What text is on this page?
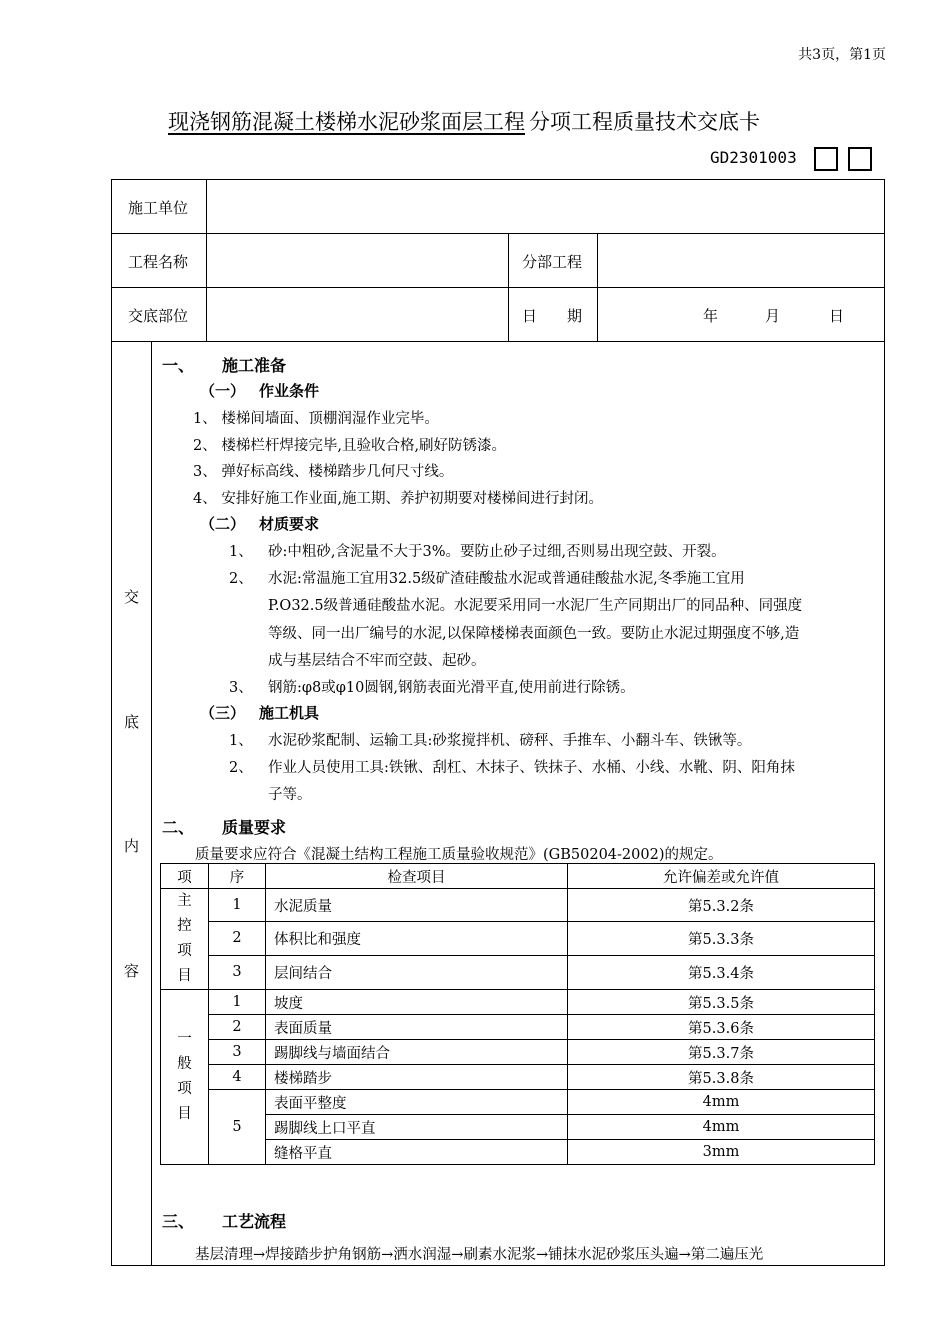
共3页，第1页
现浇钢筋混凝土楼梯水泥砂浆面层工程 分项工程质量技术交底卡
GD2301003
施工单位
工程名称	分部工程
交底部位	日　　期	年	月	日
交
底
内
容
一、 施工准备
（一） 作业条件
1、 楼梯间墙面、顶棚润湿作业完毕。
2、 楼梯栏杆焊接完毕,且验收合格,刷好防锈漆。
3、 弹好标高线、楼梯踏步几何尺寸线。
4、 安排好施工作业面,施工期、养护初期要对楼梯间进行封闭。
（二） 材质要求
1、 砂:中粗砂,含泥量不大于3%。要防止砂子过细,否则易出现空鼓、开裂。
2、 水泥:常温施工宜用32.5级矿渣硅酸盐水泥或普通硅酸盐水泥,冬季施工宜用
P.O32.5级普通硅酸盐水泥。水泥要采用同一水泥厂生产同期出厂的同品种、同强度
等级、同一出厂编号的水泥,以保障楼梯表面颜色一致。要防止水泥过期强度不够,造
成与基层结合不牢而空鼓、起砂。
3、 钢筋:φ8或φ10圆钢,钢筋表面光滑平直,使用前进行除锈。
（三） 施工机具
1、 水泥砂浆配制、运输工具:砂浆搅拌机、磅秤、手推车、小翻斗车、铁锹等。
2、 作业人员使用工具:铁锹、刮杠、木抹子、铁抹子、水桶、小线、水靴、阴、阳角抹
子等。
二、 质量要求
质量要求应符合《混凝土结构工程施工质量验收规范》(GB50204-2002)的规定。
项	序	检查项目	允许偏差或允许值

主
控
项
目	1	水泥质量	第5.3.2条
	2	体积比和强度	第5.3.3条
	3	层间结合	第5.3.4条

一
般
项
目	1	坡度	第5.3.5条
	2	表面质量	第5.3.6条
	3	踢脚线与墙面结合	第5.3.7条
	4	楼梯踏步	第5.3.8条
	5	表面平整度	4mm
		踢脚线上口平直	4mm
		缝格平直	3mm
三、 工艺流程
基层清理→焊接踏步护角钢筋→洒水润湿→刷素水泥浆→铺抹水泥砂浆压头遍→第二遍压光
